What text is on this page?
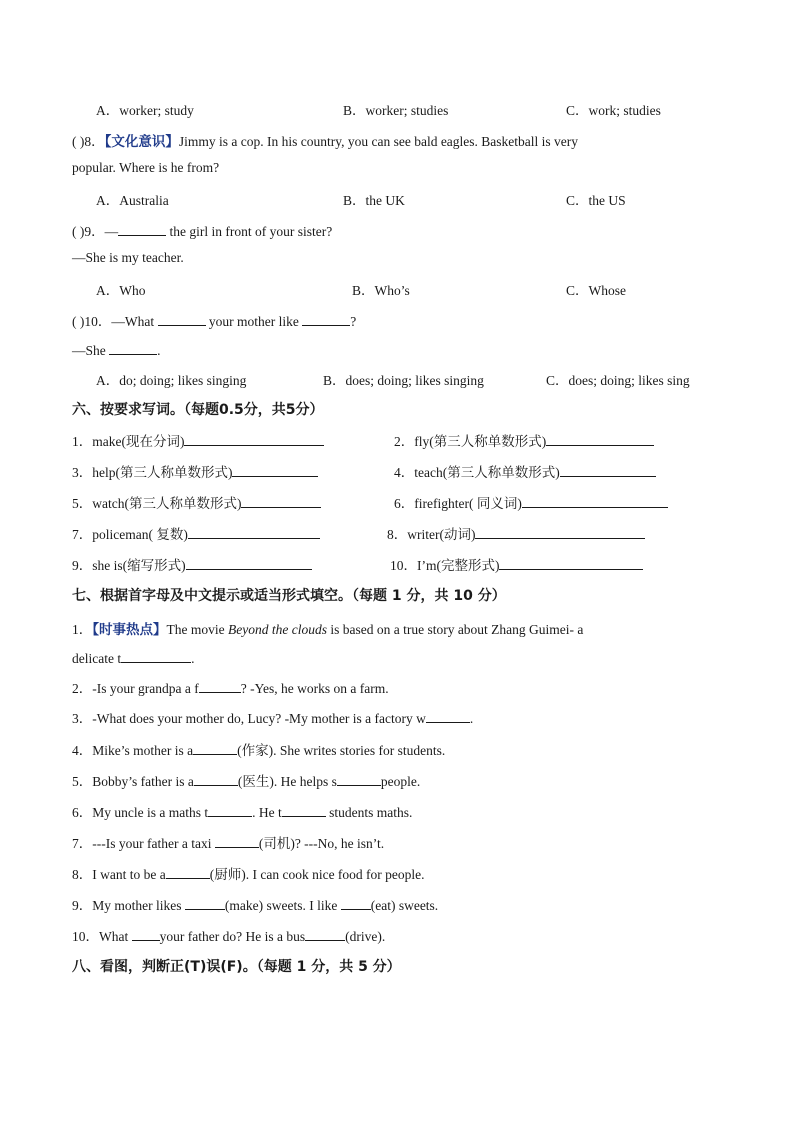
A．worker; study	B．worker; studies	C．work; studies
( )8．【文化意识】Jimmy is a cop. In his country, you can see bald eagles. Basketball is very
popular. Where is he from?
A．Australia	B．the UK	C．the US
( )9．—	the girl in front of your sister?
—She is my teacher.
A．Who	B．Who’s	C．Whose
( )10．—What	your mother like	?
—She	.
A．do; doing; likes singing	B．does; doing; likes singing	C．does; doing; likes sing
六、按要求写词。（每题0.5分，共5分）
1．make(现在分词)	2．fly(第三人称单数形式)
3．help(第三人称单数形式)	4．teach(第三人称单数形式)
5．watch(第三人称单数形式)	6．firefighter( 同义词)
7．policeman( 复数)	8．writer(动词)
9．she is(缩写形式)	10．I’m(完整形式)
七、根据首字母及中文提示或适当形式填空。（每题 1 分，共 10 分）
1．【时事热点】The movie Beyond the clouds is based on a true story about Zhang Guimei- a
delicate t	.
2．-Is your grandpa a f	? -Yes, he works on a farm.
3．-What does your mother do, Lucy? -My mother is a factory w	.
4．Mike’s mother is a	(作家). She writes stories for students.
5．Bobby’s father is a	(医生). He helps s	people.
6．My uncle is a maths t	. He t	students maths.
7．---Is your father a taxi	(司机)? ---No, he isn’t.
8．I want to be a	(厨师). I can cook nice food for people.
9．My mother likes	(make) sweets. I like (eat) sweets.
10．What your father do? He is a bus	(drive).
八、看图，判断正(T)误(F)。（每题 1 分，共 5 分）
